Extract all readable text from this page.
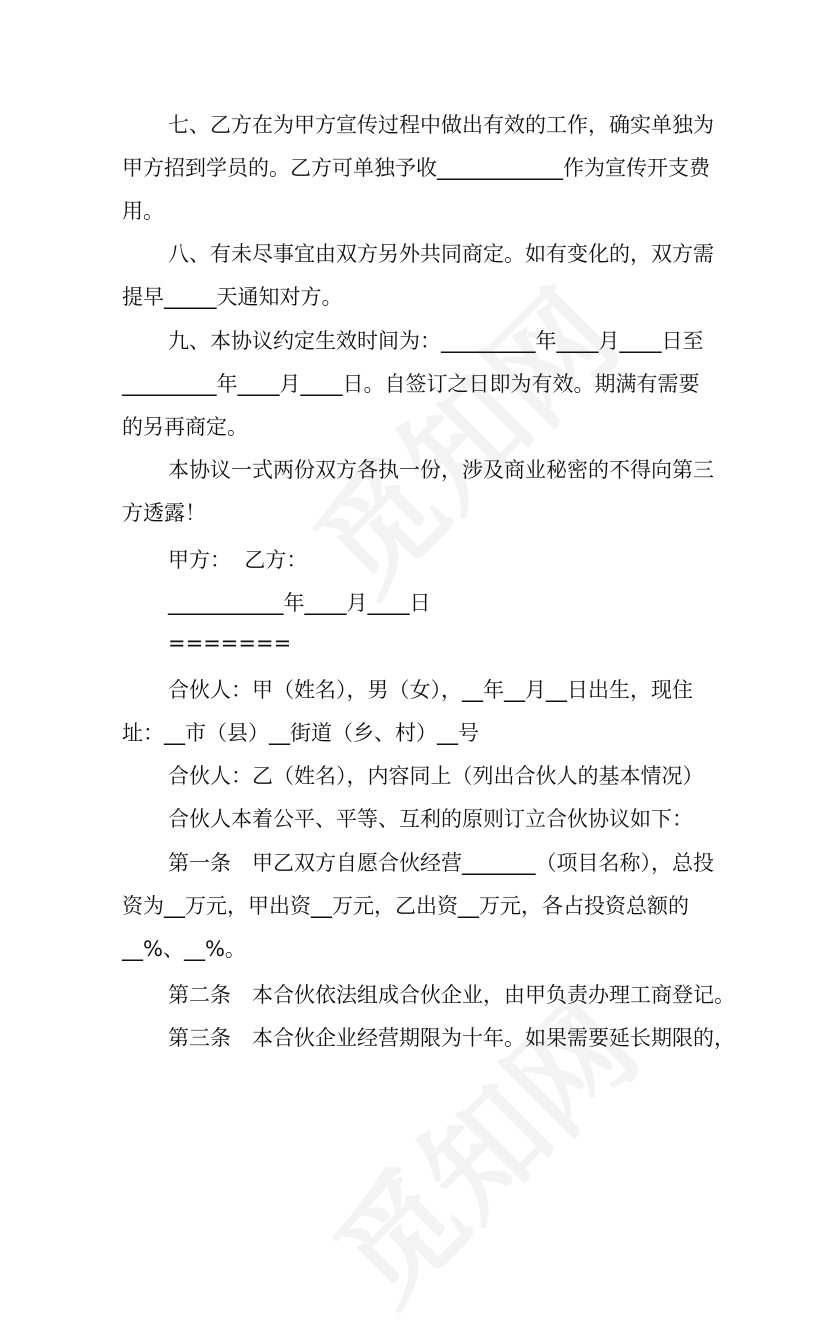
七、乙方在为甲方宣传过程中做出有效的工作，确实单独为
甲方招到学员的。乙方可单独予收____________作为宣传开支费
用。
八、有未尽事宜由双方另外共同商定。如有变化的，双方需
提早_____天通知对方。
九、本协议约定生效时间为：_________年____月____日至
_________年____月____日。自签订之日即为有效。期满有需要
的另再商定。
本协议一式两份双方各执一份，涉及商业秘密的不得向第三
方透露！
甲方：  乙方：
___________年____月____日
=======
合伙人：甲（姓名），男（女），__年__月__日出生，现住
址：__市（县）__街道（乡、村）__号
合伙人：乙（姓名），内容同上（列出合伙人的基本情况）
合伙人本着公平、平等、互利的原则订立合伙协议如下：
第一条　甲乙双方自愿合伙经营_______（项目名称），总投
资为__万元，甲出资__万元，乙出资__万元，各占投资总额的
__%、__%。
第二条　本合伙依法组成合伙企业，由甲负责办理工商登记。
第三条　本合伙企业经营期限为十年。如果需要延长期限的，
